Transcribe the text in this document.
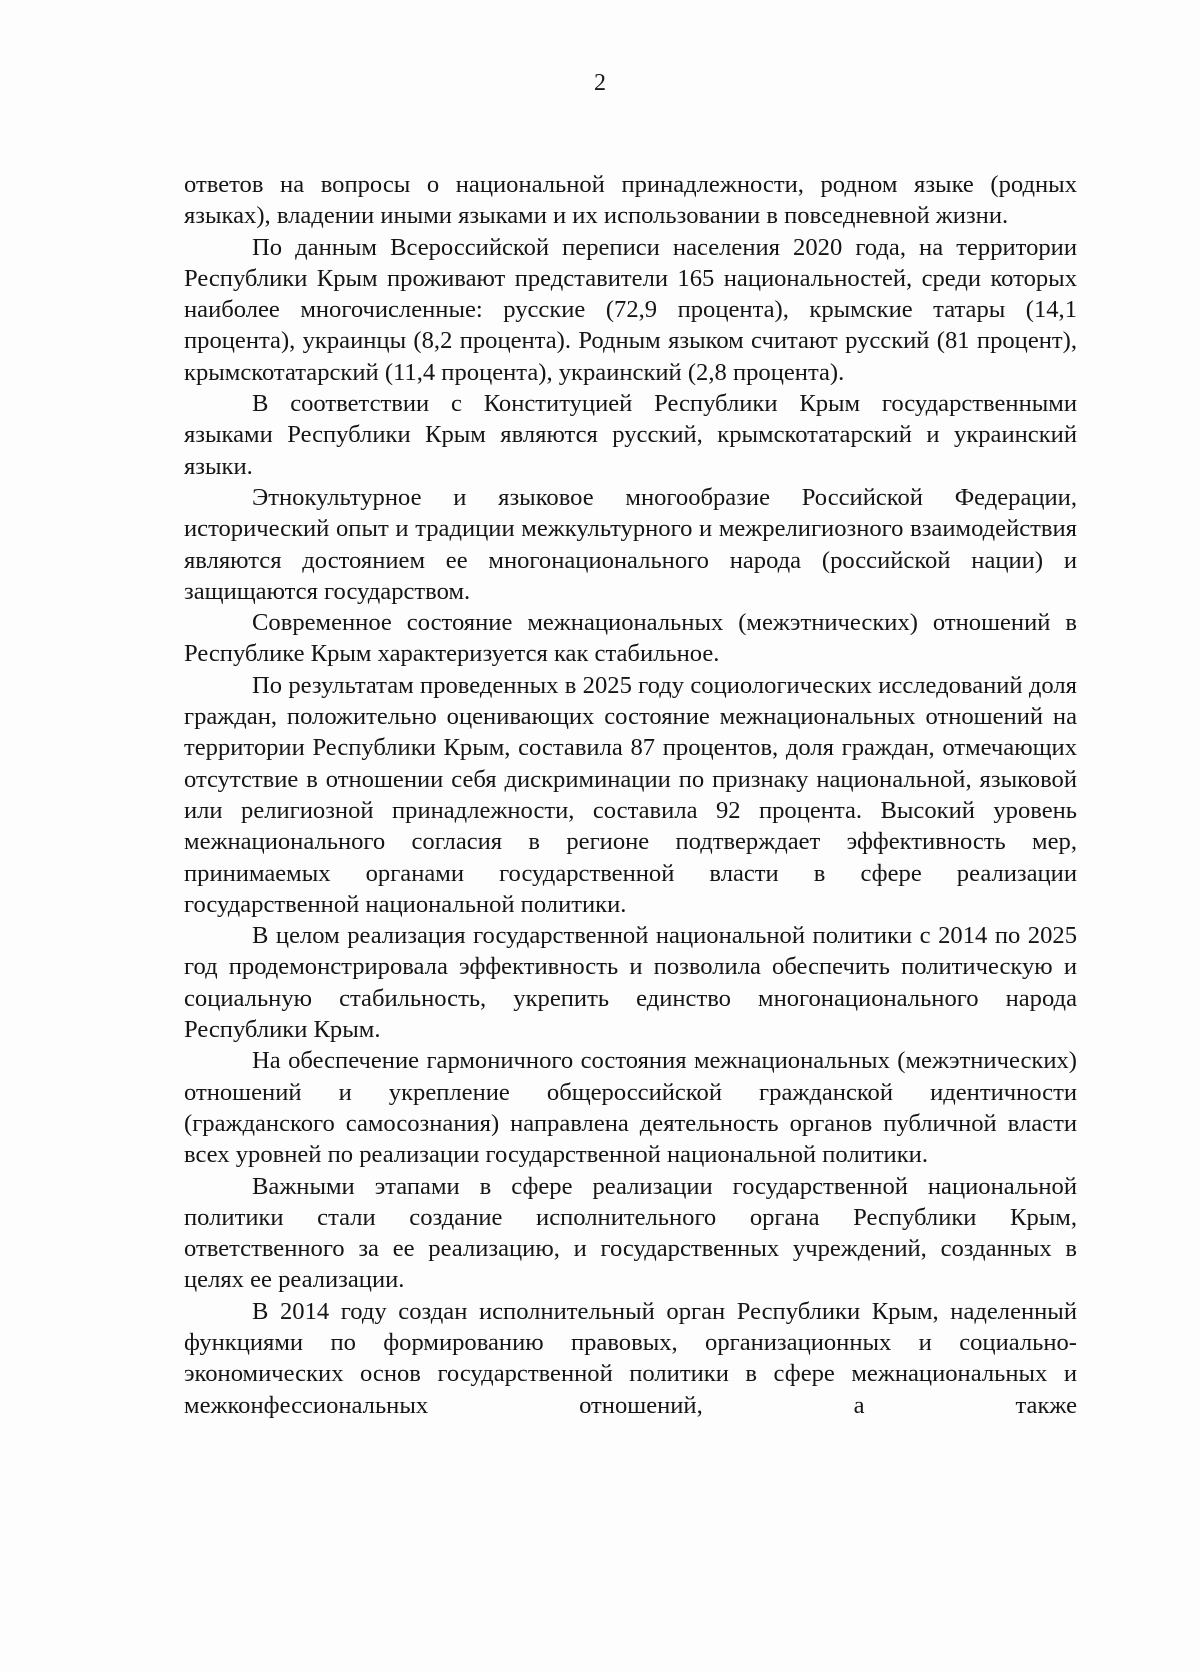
2

ответов на вопросы о национальной принадлежности, родном языке (родных языках), владении иными языками и их использовании в повседневной жизни.

По данным Всероссийской переписи населения 2020 года, на территории Республики Крым проживают представители 165 национальностей, среди которых наиболее многочисленные: русские (72,9 процента), крымские татары (14,1 процента), украинцы (8,2 процента). Родным языком считают русский (81 процент), крымскотатарский (11,4 процента), украинский (2,8 процента).

В соответствии с Конституцией Республики Крым государственными языками Республики Крым являются русский, крымскотатарский и украинский языки.

Этнокультурное и языковое многообразие Российской Федерации, исторический опыт и традиции межкультурного и межрелигиозного взаимодействия являются достоянием ее многонационального народа (российской нации) и защищаются государством.

Современное состояние межнациональных (межэтнических) отношений в Республике Крым характеризуется как стабильное.

По результатам проведенных в 2025 году социологических исследований доля граждан, положительно оценивающих состояние межнациональных отношений на территории Республики Крым, составила 87 процентов, доля граждан, отмечающих отсутствие в отношении себя дискриминации по признаку национальной, языковой или религиозной принадлежности, составила 92 процента. Высокий уровень межнационального согласия в регионе подтверждает эффективность мер, принимаемых органами государственной власти в сфере реализации государственной национальной политики.

В целом реализация государственной национальной политики с 2014 по 2025 год продемонстрировала эффективность и позволила обеспечить политическую и социальную стабильность, укрепить единство многонационального народа Республики Крым.

На обеспечение гармоничного состояния межнациональных (межэтнических) отношений и укрепление общероссийской гражданской идентичности (гражданского самосознания) направлена деятельность органов публичной власти всех уровней по реализации государственной национальной политики.

Важными этапами в сфере реализации государственной национальной политики стали создание исполнительного органа Республики Крым, ответственного за ее реализацию, и государственных учреждений, созданных в целях ее реализации.

В 2014 году создан исполнительный орган Республики Крым, наделенный функциями по формированию правовых, организационных и социально-экономических основ государственной политики в сфере межнациональных и межконфессиональных отношений, а также
